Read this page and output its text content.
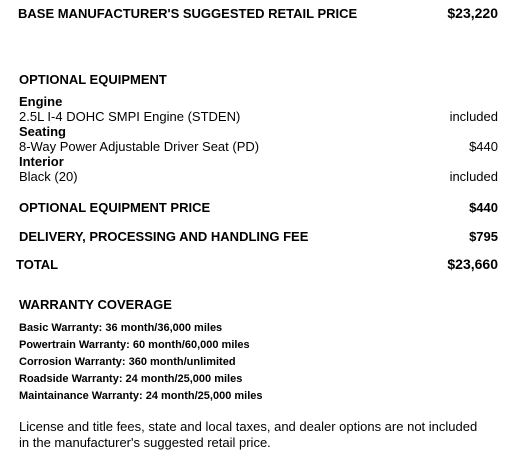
BASE MANUFACTURER'S SUGGESTED RETAIL PRICE	$23,220
OPTIONAL EQUIPMENT
Engine
2.5L I-4 DOHC SMPI Engine (STDEN)	included
Seating
8-Way Power Adjustable Driver Seat (PD)	$440
Interior
Black (20)	included
OPTIONAL EQUIPMENT PRICE	$440
DELIVERY, PROCESSING AND HANDLING FEE	$795
TOTAL	$23,660
WARRANTY COVERAGE
Basic Warranty: 36 month/36,000 miles
Powertrain Warranty: 60 month/60,000 miles
Corrosion Warranty: 360 month/unlimited
Roadside Warranty: 24 month/25,000 miles
Maintainance Warranty: 24 month/25,000 miles
License and title fees, state and local taxes, and dealer options are not included in the manufacturer's suggested retail price.
